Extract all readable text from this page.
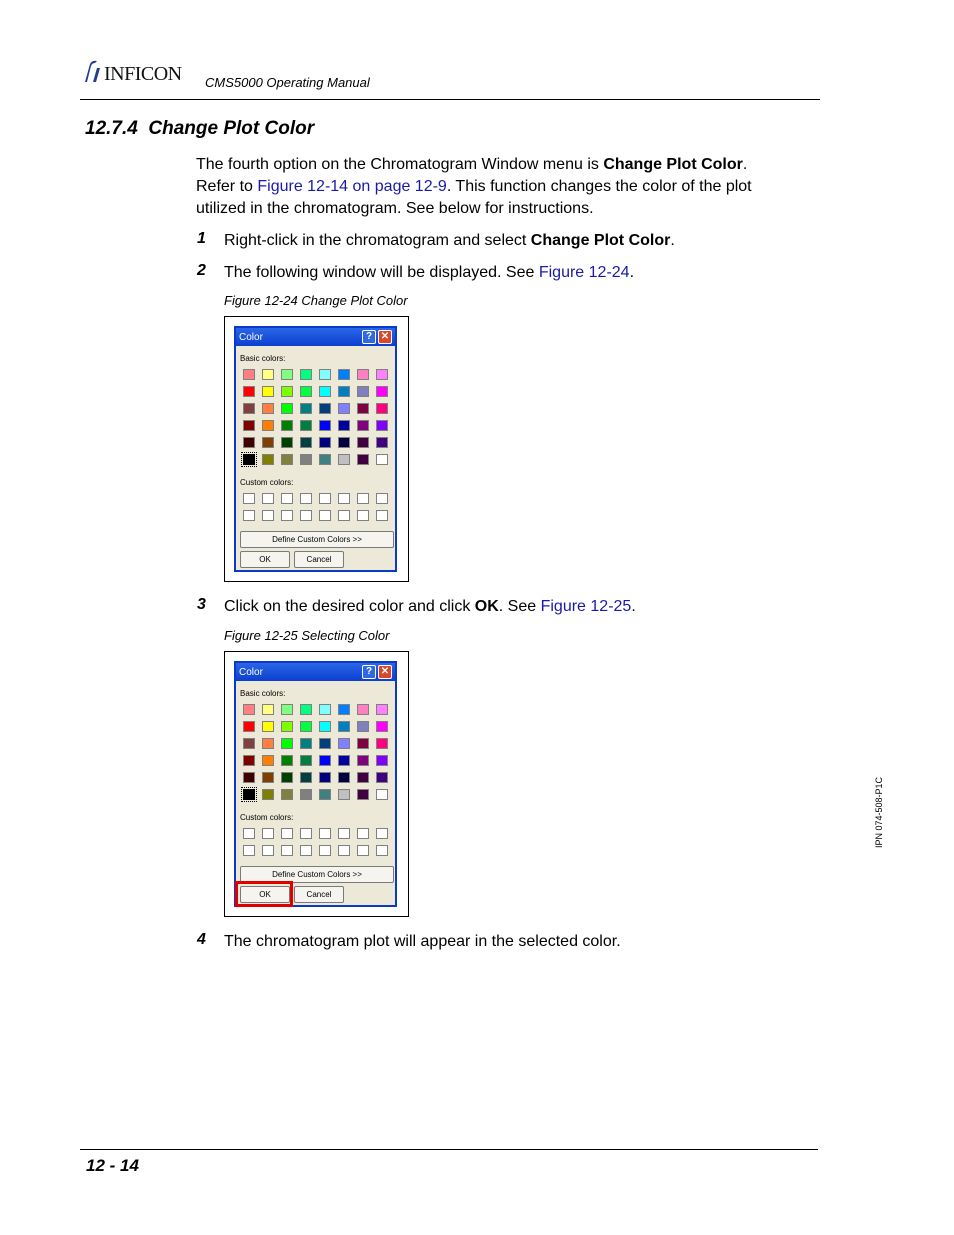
INFICON CMS5000 Operating Manual
12.7.4 Change Plot Color
The fourth option on the Chromatogram Window menu is Change Plot Color.
Refer to Figure 12-14 on page 12-9. This function changes the color of the plot
utilized in the chromatogram. See below for instructions.
1 Right-click in the chromatogram and select Change Plot Color.
2 The following window will be displayed. See Figure 12-24.
Figure 12-24 Change Plot Color
Color	? ✕
Basic colors:
Custom colors:
Define Custom Colors >>
OK	Cancel
3 Click on the desired color and click OK. See Figure 12-25.
Figure 12-25 Selecting Color
Color	? ✕
Basic colors:
Custom colors:
Define Custom Colors >>
OK	Cancel
4 The chromatogram plot will appear in the selected color.
IPN 074-508-P1C
12 - 14
